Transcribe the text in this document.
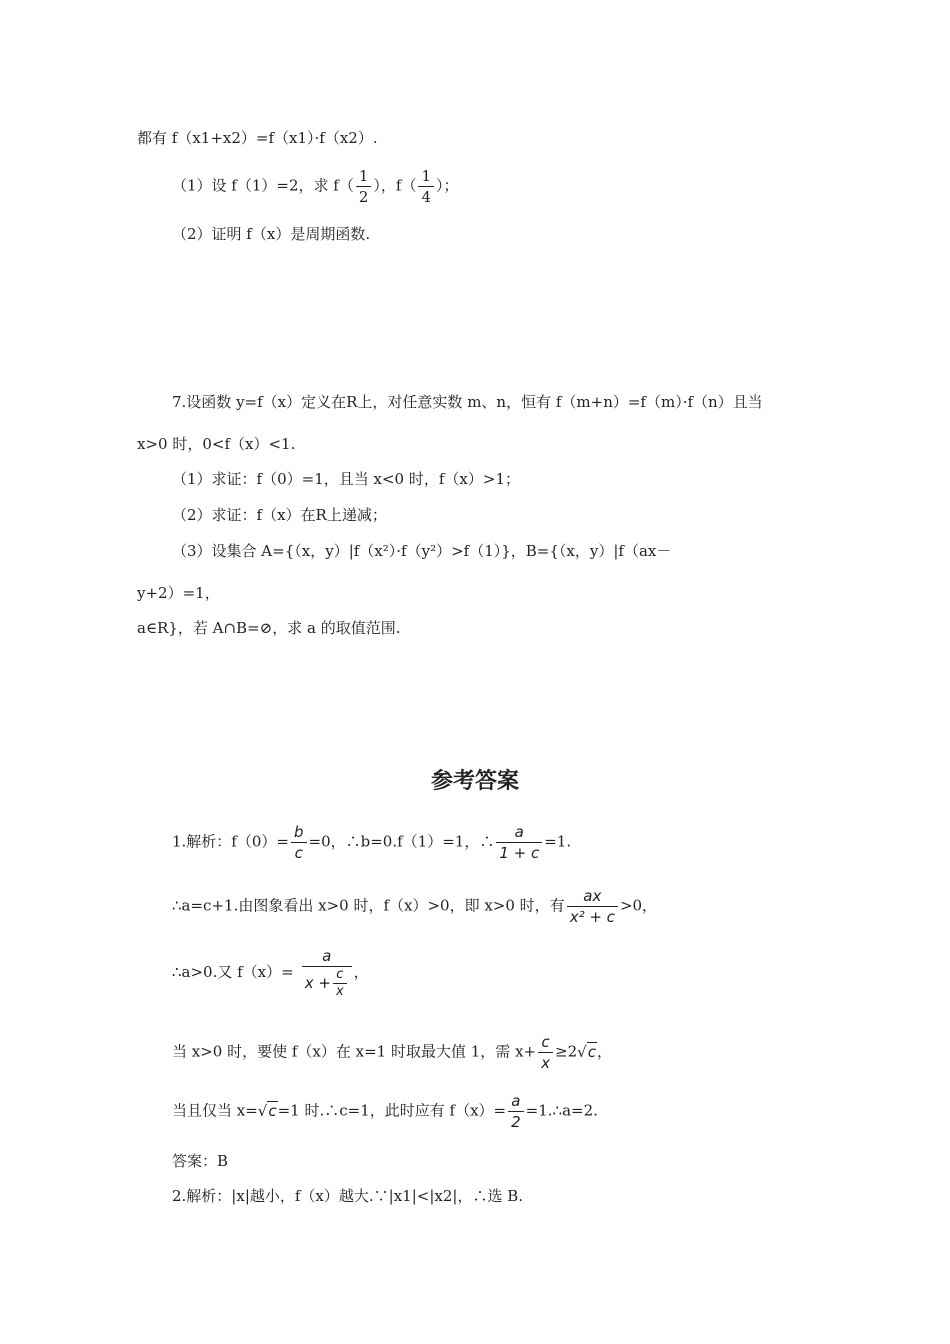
都有 f（x1+x2）=f（x1）·f（x2）.
（1）设 f（1）=2，求 $f( \frac{1}{2}$ ），$f( \frac{1}{4}$ ）；
（2）证明 f（x）是周期函数.
7.设函数 y=f（x）定义在R上，对任意实数 m、n，恒有 f（m+n）=f（m）·f（n）且当
x>0 时，0<f（x）<1.
（1）求证：f（0）=1，且当 x<0 时，f（x）>1；
（2）求证：f（x）在R上递减；
（3）设集合 A={（x，y）|f（x²）·f（y²）>f（1）}，B={（x，y）|f（ax－
y+2）=1，
a∈R}，若 A∩B=⊘，求 a 的取值范围.
参考答案
1.解析：$f(0)= \frac{b}{c} =0$，∴b=0.f（1）=1，∴ $\frac{a}{1 + c} =1$.
∴a=c+1.由图象看出 x>0 时，f（x）>0，即 x>0 时，有 $\frac{ax}{\text{x² + c}} >0$，
∴a>0.又 $f(x)= \frac{a}{x + \frac{c}{x}}$ ，
当 x>0 时，要使 f（x）在 x=1 时取最大值 1，需 $x+ \frac{c}{x} \ge 2√c$，
当且仅当 x=√c=1 时.∴c=1，此时应有 $f(x)= \frac{a}{2}$ =1.∴a=2.
答案：B
2.解析：|x|越小，f（x）越大.∵|x1|<|x2|，∴选 B.
